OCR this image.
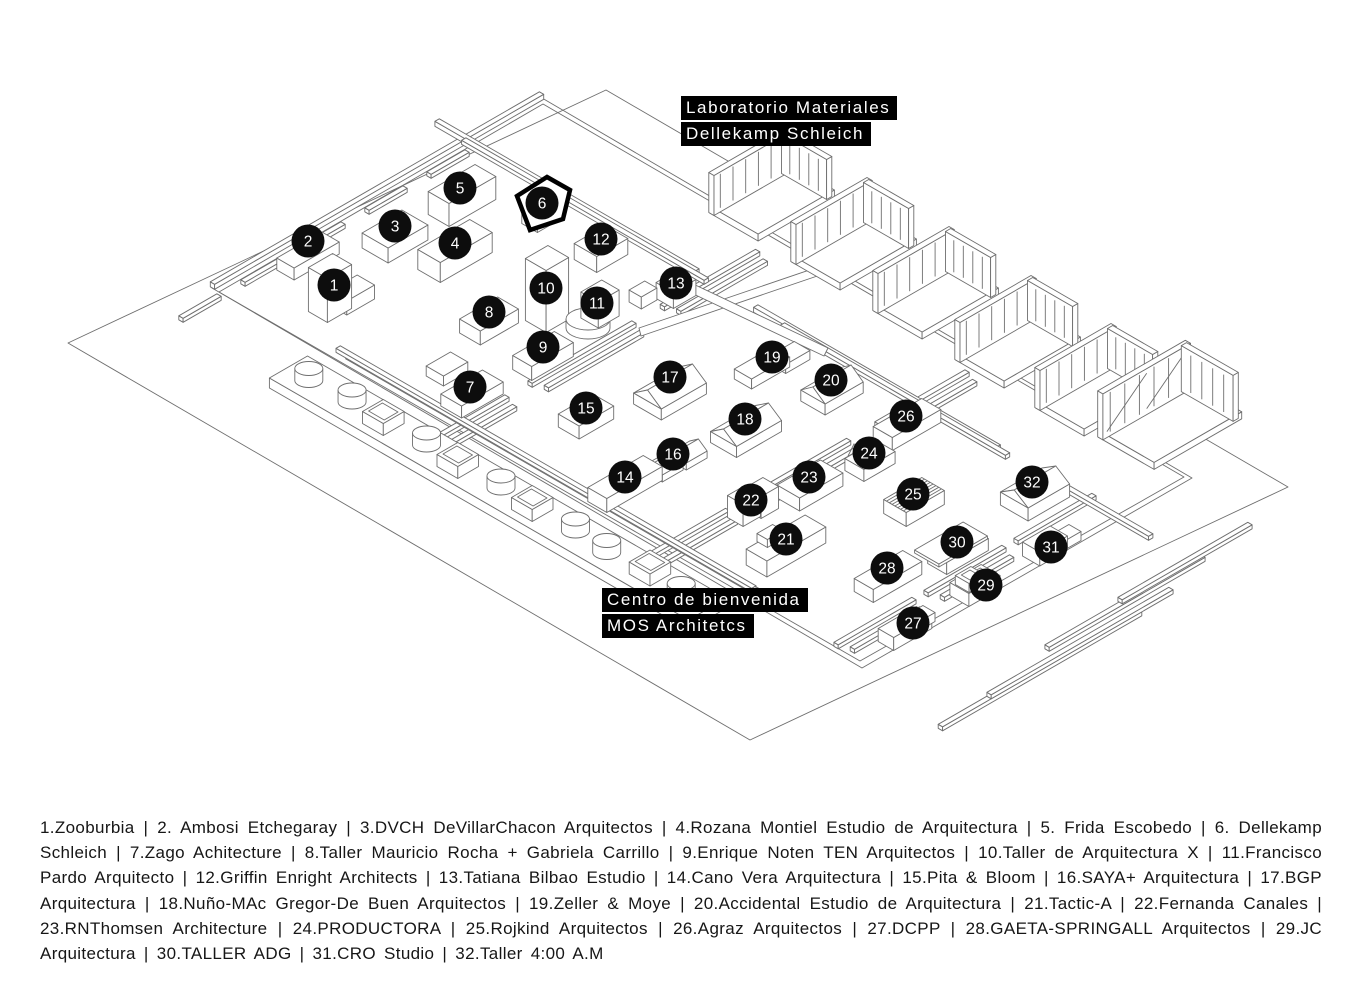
1
2
3
4
5
6
7
8
9
10
11
12
13
14
15
16
17
18
19
20
21
22
23
24
25
26
27
28
29
30	31
32
Laboratorio Materiales
Dellekamp Schleich
Centro de bienvenida
MOS Architetcs
1.Zooburbia | 2. Ambosi Etchegaray | 3.DVCH DeVillarChacon Arquitectos | 4.Rozana Montiel Estudio de Arquitectura | 5. Frida Escobedo | 6. Dellekamp Schleich | 7.Zago Achitecture | 8.Taller Mauricio Rocha + Gabriela Carrillo | 9.Enrique Noten TEN Arquitectos | 10.Taller de Arquitectura X | 11.Francisco Pardo Arquitecto | 12.Griffin Enright Architects | 13.Tatiana Bilbao Estudio | 14.Cano Vera Arquitectura | 15.Pita & Bloom | 16.SAYA+ Arquitectura | 17.BGP Arquitectura | 18.Nuño-MAc Gregor-De Buen Arquitectos | 19.Zeller & Moye | 20.Accidental Estudio de Arquitectura | 21.Tactic-A | 22.Fernanda Canales | 23.RNThomsen Architecture | 24.PRODUCTORA | 25.Rojkind Arquitectos | 26.Agraz Arquitectos | 27.DCPP | 28.GAETA-SPRINGALL Arquitectos | 29.JC Arquitectura | 30.TALLER ADG | 31.CRO Studio | 32.Taller 4:00 A.M
